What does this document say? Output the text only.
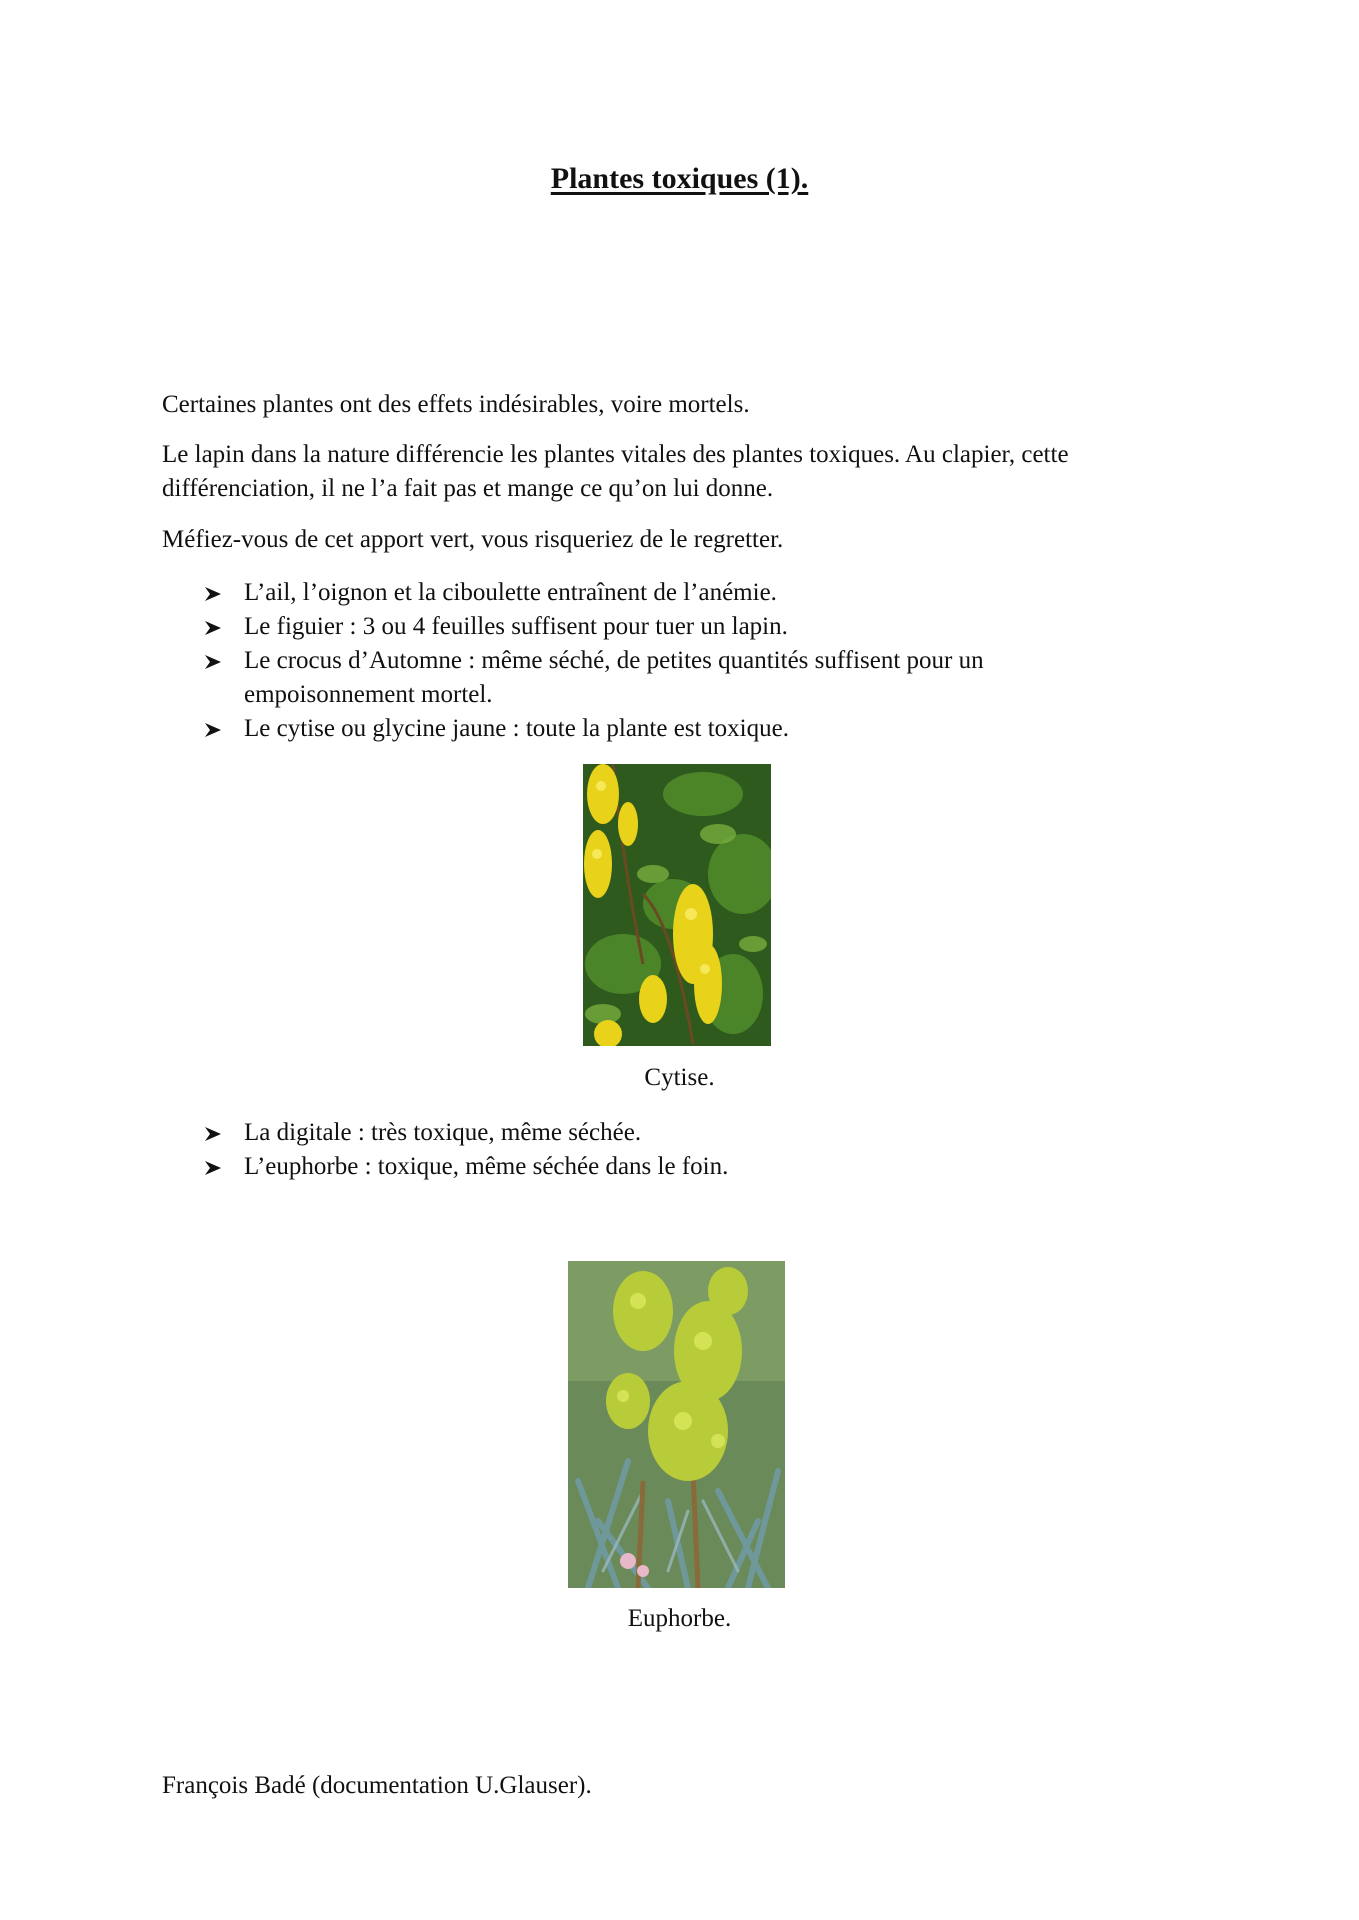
Plantes toxiques (1).

Certaines plantes ont des effets indésirables, voire mortels.

Le lapin dans la nature différencie les plantes vitales des plantes toxiques. Au clapier, cette différenciation, il ne l’a fait pas et mange ce qu’on lui donne.

Méfiez-vous de cet apport vert, vous risqueriez de le regretter.

L’ail, l’oignon et la ciboulette entraînent de l’anémie.
Le figuier : 3 ou 4 feuilles suffisent pour tuer un lapin.
Le crocus d’Automne : même séché, de petites quantités suffisent pour un empoisonnement mortel.
Le cytise ou glycine jaune : toute la plante est toxique.
Cytise.
La digitale : très toxique, même séchée.
L’euphorbe : toxique, même séchée dans le foin.
Euphorbe.
François Badé (documentation U.Glauser).
